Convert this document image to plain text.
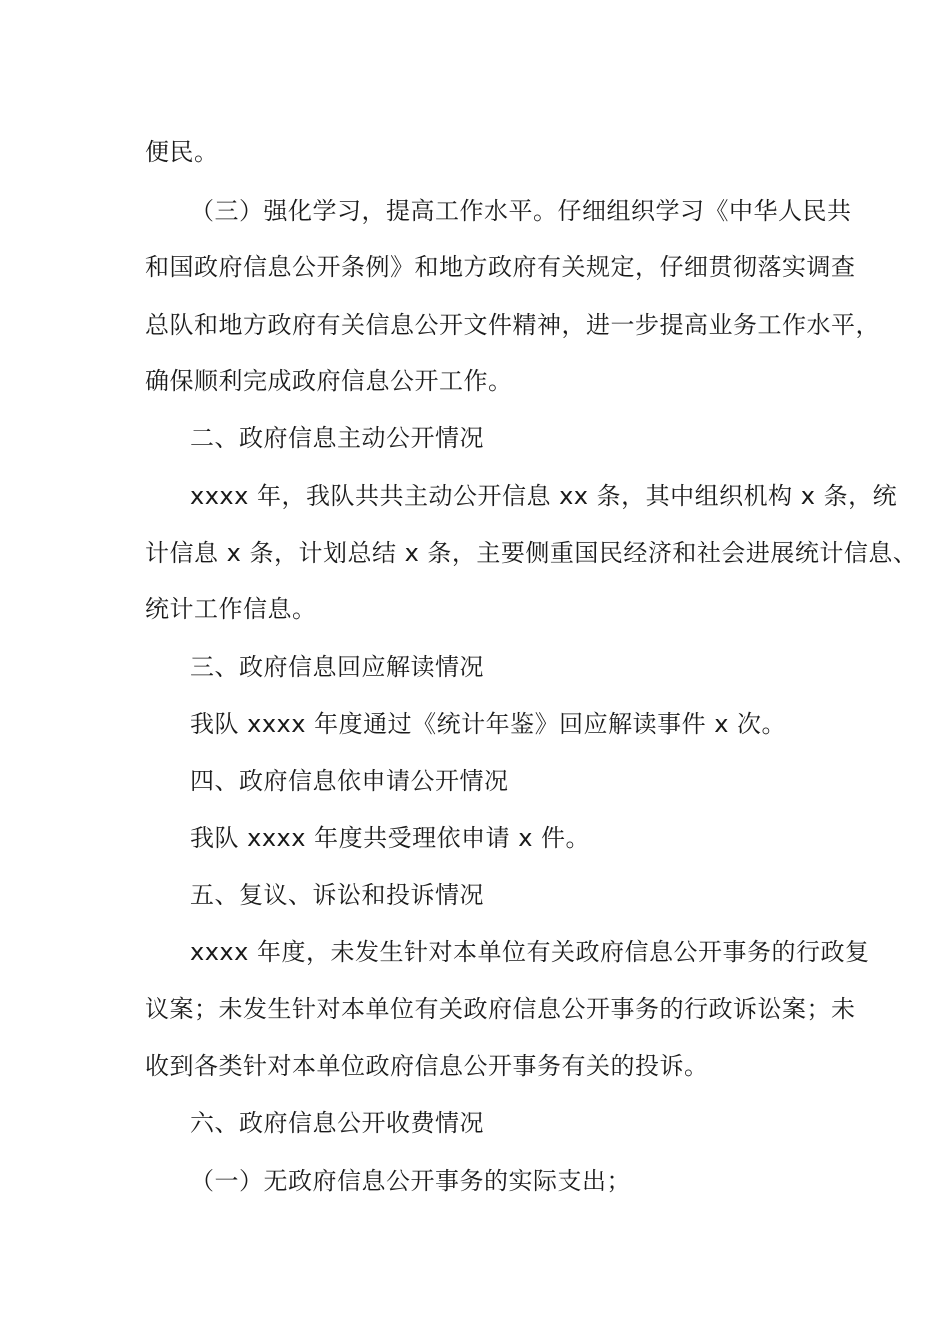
便民。
（三）强化学习，提高工作水平。仔细组织学习《中华人民共
和国政府信息公开条例》和地方政府有关规定，仔细贯彻落实调查
总队和地方政府有关信息公开文件精神，进一步提高业务工作水平，
确保顺利完成政府信息公开工作。
二、政府信息主动公开情况
xxxx 年，我队共共主动公开信息 xx 条，其中组织机构 x 条，统
计信息 x 条，计划总结 x 条，主要侧重国民经济和社会进展统计信息、
统计工作信息。
三、政府信息回应解读情况
我队 xxxx 年度通过《统计年鉴》回应解读事件 x 次。
四、政府信息依申请公开情况
我队 xxxx 年度共受理依申请 x 件。
五、复议、诉讼和投诉情况
xxxx 年度，未发生针对本单位有关政府信息公开事务的行政复
议案；未发生针对本单位有关政府信息公开事务的行政诉讼案；未
收到各类针对本单位政府信息公开事务有关的投诉。
六、政府信息公开收费情况
（一）无政府信息公开事务的实际支出；
